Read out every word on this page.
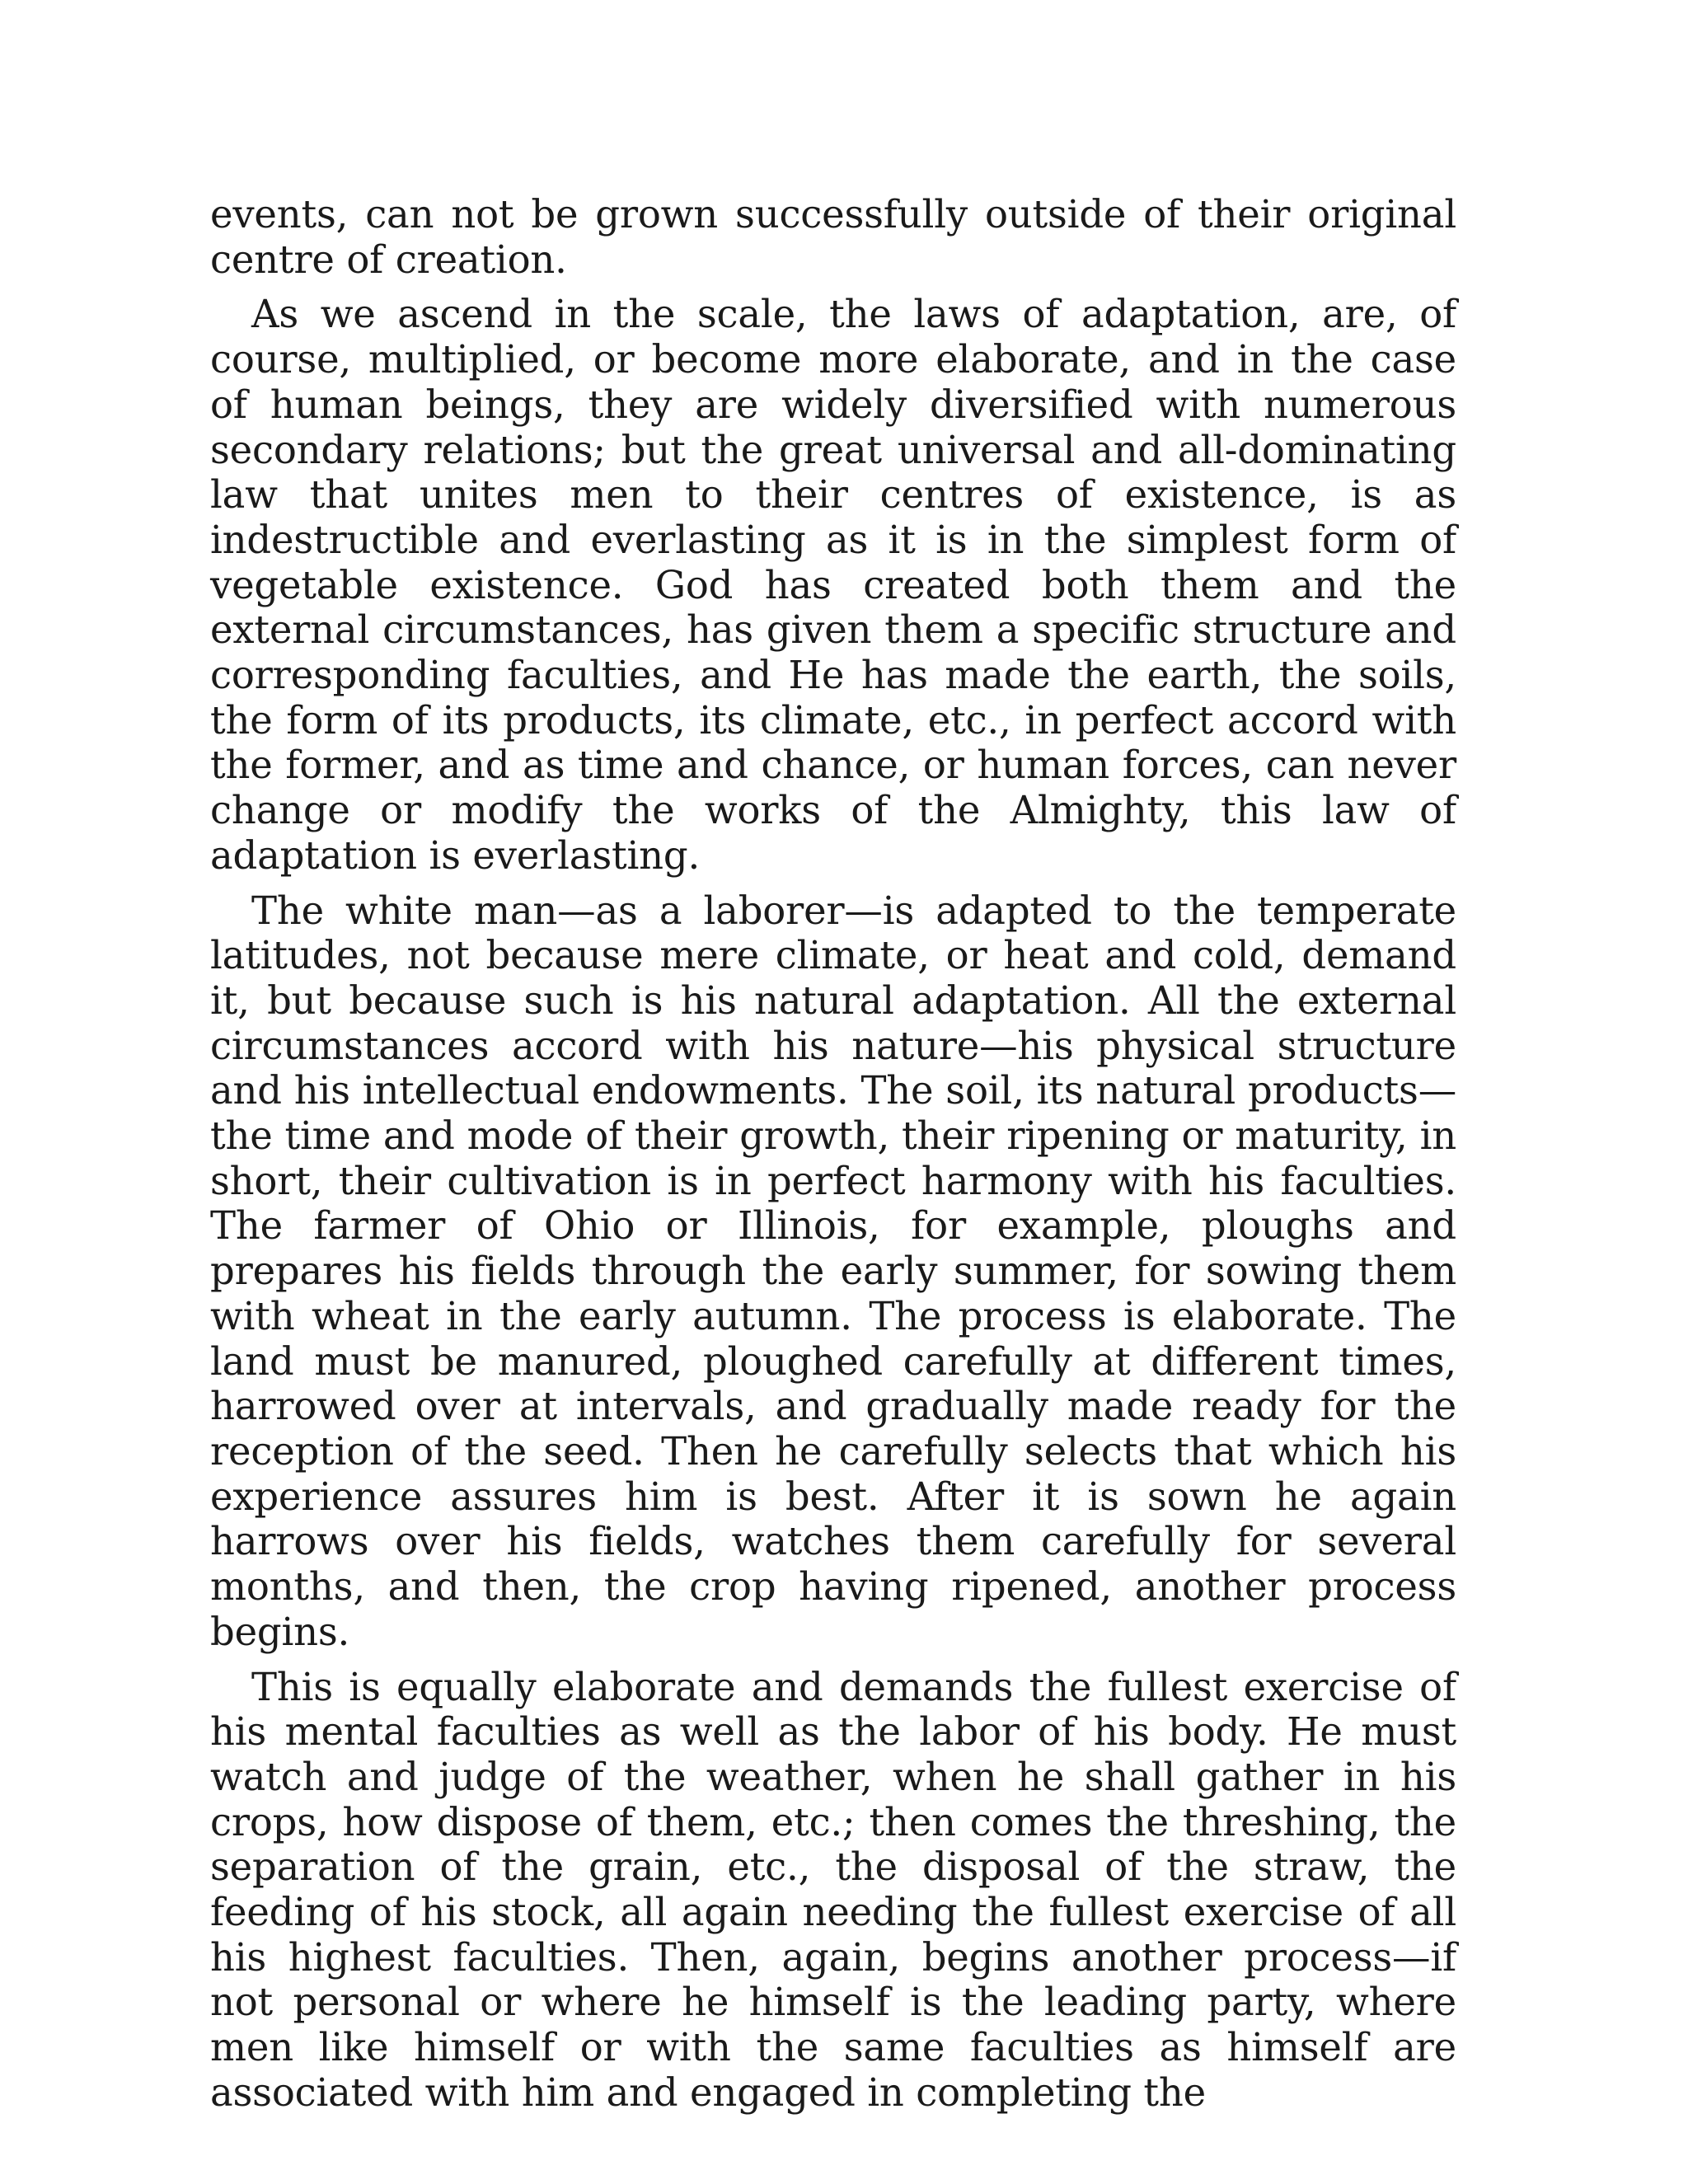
events, can not be grown successfully outside of their original centre of creation.

As we ascend in the scale, the laws of adaptation, are, of course, multiplied, or become more elaborate, and in the case of human beings, they are widely diversified with numerous secondary relations; but the great universal and all-dominating law that unites men to their centres of existence, is as indestructible and everlasting as it is in the simplest form of vegetable existence. God has created both them and the external circumstances, has given them a specific structure and corresponding faculties, and He has made the earth, the soils, the form of its products, its climate, etc., in perfect accord with the former, and as time and chance, or human forces, can never change or modify the works of the Almighty, this law of adaptation is everlasting.

The white man—as a laborer—is adapted to the temperate latitudes, not because mere climate, or heat and cold, demand it, but because such is his natural adaptation. All the external circumstances accord with his nature—his physical structure and his intellectual endowments. The soil, its natural products—the time and mode of their growth, their ripening or maturity, in short, their cultivation is in perfect harmony with his faculties. The farmer of Ohio or Illinois, for example, ploughs and prepares his fields through the early summer, for sowing them with wheat in the early autumn. The process is elaborate. The land must be manured, ploughed carefully at different times, harrowed over at intervals, and gradually made ready for the reception of the seed. Then he carefully selects that which his experience assures him is best. After it is sown he again harrows over his fields, watches them carefully for several months, and then, the crop having ripened, another process begins.

This is equally elaborate and demands the fullest exercise of his mental faculties as well as the labor of his body. He must watch and judge of the weather, when he shall gather in his crops, how dispose of them, etc.; then comes the threshing, the separation of the grain, etc., the disposal of the straw, the feeding of his stock, all again needing the fullest exercise of all his highest faculties. Then, again, begins another process—if not personal or where he himself is the leading party, where men like himself or with the same faculties as himself are associated with him and engaged in completing the
